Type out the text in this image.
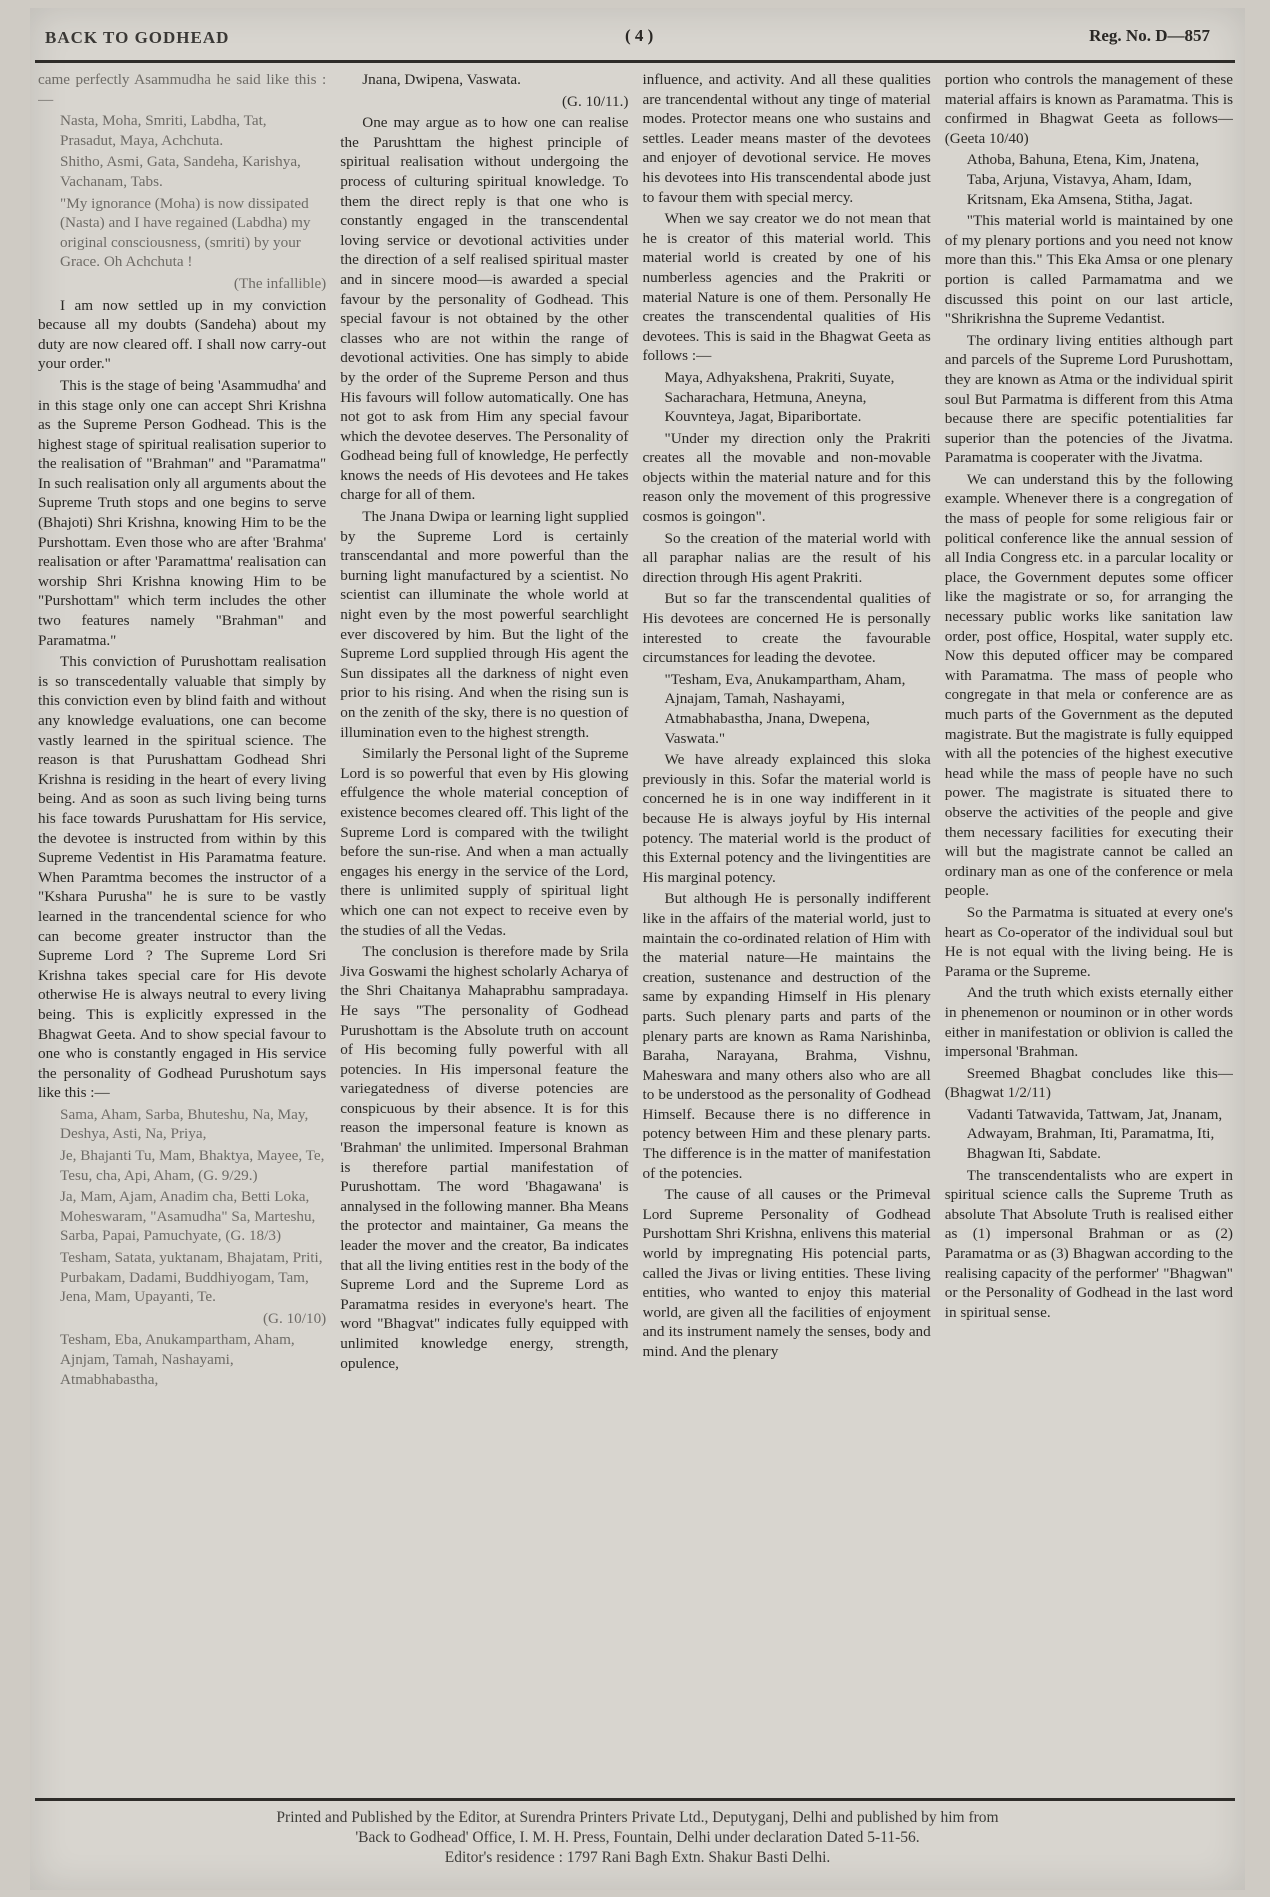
BACK TO GODHEAD	( 4 )	Reg. No. D—857

came perfectly Asammudha he said like this :—

Nasta, Moha, Smriti, Labdha, Tat, Prasadut, Maya, Achchuta.

Shitho, Asmi, Gata, Sandeha, Karishya, Vachanam, Tabs.

"My ignorance (Moha) is now dissipated (Nasta) and I have regained (Labdha) my original consciousness, (smriti) by your Grace. Oh Achchuta !

(The infallible)

I am now settled up in my conviction because all my doubts (Sandeha) about my duty are now cleared off. I shall now carry-out your order."

This is the stage of being 'Asammudha' and in this stage only one can accept Shri Krishna as the Supreme Person Godhead. This is the highest stage of spiritual realisation superior to the realisation of "Brahman" and "Paramatma" In such realisation only all arguments about the Supreme Truth stops and one begins to serve (Bhajoti) Shri Krishna, knowing Him to be the Purshottam. Even those who are after 'Brahma' realisation or after 'Paramattma' realisation can worship Shri Krishna knowing Him to be "Purshottam" which term includes the other two features namely "Brahman" and Paramatma."

This conviction of Purushottam realisation is so transcedentally valuable that simply by this conviction even by blind faith and without any knowledge evaluations, one can become vastly learned in the spiritual science. The reason is that Purushattam Godhead Shri Krishna is residing in the heart of every living being. And as soon as such living being turns his face towards Purushattam for His service, the devotee is instructed from within by this Supreme Vedentist in His Paramatma feature. When Paramtma becomes the instructor of a "Kshara Purusha" he is sure to be vastly learned in the trancendental science for who can become greater instructor than the Supreme Lord ? The Supreme Lord Sri Krishna takes special care for His devote otherwise He is always neutral to every living being. This is explicitly expressed in the Bhagwat Geeta. And to show special favour to one who is constantly engaged in His service the personality of Godhead Purushotum says like this :—

Sama, Aham, Sarba, Bhuteshu, Na, May, Deshya, Asti, Na, Priya,

Je, Bhajanti Tu, Mam, Bhaktya, Mayee, Te, Tesu, cha, Api, Aham, (G. 9/29.)

Ja, Mam, Ajam, Anadim cha, Betti Loka, Moheswaram, "Asamudha" Sa, Marteshu, Sarba, Papai, Pamuchyate, (G. 18/3)

Tesham, Satata, yuktanam, Bhajatam, Priti, Purbakam, Dadami, Buddhiyogam, Tam, Jena, Mam, Upayanti, Te.

(G. 10/10)

Tesham, Eba, Anukampartham, Aham, Ajnjam, Tamah, Nashayami, Atmabhabastha,

Jnana, Dwipena, Vaswata.

(G. 10/11.)

One may argue as to how one can realise the Parushttam the highest principle of spiritual realisation without undergoing the process of culturing spiritual knowledge. To them the direct reply is that one who is constantly engaged in the transcendental loving service or devotional activities under the direction of a self realised spiritual master and in sincere mood—is awarded a special favour by the personality of Godhead. This special favour is not obtained by the other classes who are not within the range of devotional activities. One has simply to abide by the order of the Supreme Person and thus His favours will follow automatically. One has not got to ask from Him any special favour which the devotee deserves. The Personality of Godhead being full of knowledge, He perfectly knows the needs of His devotees and He takes charge for all of them.

The Jnana Dwipa or learning light supplied by the Supreme Lord is certainly transcendantal and more powerful than the burning light manufactured by a scientist. No scientist can illuminate the whole world at night even by the most powerful searchlight ever discovered by him. But the light of the Supreme Lord supplied through His agent the Sun dissipates all the darkness of night even prior to his rising. And when the rising sun is on the zenith of the sky, there is no question of illumination even to the highest strength.

Similarly the Personal light of the Supreme Lord is so powerful that even by His glowing effulgence the whole material conception of existence becomes cleared off. This light of the Supreme Lord is compared with the twilight before the sun-rise. And when a man actually engages his energy in the service of the Lord, there is unlimited supply of spiritual light which one can not expect to receive even by the studies of all the Vedas.

The conclusion is therefore made by Srila Jiva Goswami the highest scholarly Acharya of the Shri Chaitanya Mahaprabhu sampradaya. He says "The personality of Godhead Purushottam is the Absolute truth on account of His becoming fully powerful with all potencies. In His impersonal feature the variegatedness of diverse potencies are conspicuous by their absence. It is for this reason the impersonal feature is known as 'Brahman' the unlimited. Impersonal Brahman is therefore partial manifestation of Purushottam. The word 'Bhagawana' is annalysed in the following manner. Bha Means the protector and maintainer, Ga means the leader the mover and the creator, Ba indicates that all the living entities rest in the body of the Supreme Lord and the Supreme Lord as Paramatma resides in everyone's heart. The word "Bhagvat" indicates fully equipped with unlimited knowledge energy, strength, opulence,

influence, and activity. And all these qualities are trancendental without any tinge of material modes. Protector means one who sustains and settles. Leader means master of the devotees and enjoyer of devotional service. He moves his devotees into His transcendental abode just to favour them with special mercy.

When we say creator we do not mean that he is creator of this material world. This material world is created by one of his numberless agencies and the Prakriti or material Nature is one of them. Personally He creates the transcendental qualities of His devotees. This is said in the Bhagwat Geeta as follows :—

Maya, Adhyakshena, Prakriti, Suyate, Sacharachara, Hetmuna, Aneyna, Kouvnteya, Jagat, Biparibortate.

"Under my direction only the Prakriti creates all the movable and non-movable objects within the material nature and for this reason only the movement of this progressive cosmos is goingon".

So the creation of the material world with all paraphar nalias are the result of his direction through His agent Prakriti.

But so far the transcendental qualities of His devotees are concerned He is personally interested to create the favourable circumstances for leading the devotee.

"Tesham, Eva, Anukampartham, Aham, Ajnajam, Tamah, Nashayami, Atmabhabastha, Jnana, Dwepena, Vaswata."

We have already explainced this sloka previously in this. Sofar the material world is concerned he is in one way indifferent in it because He is always joyful by His internal potency. The material world is the product of this External potency and the livingentities are His marginal potency.

But although He is personally indifferent like in the affairs of the material world, just to maintain the co-ordinated relation of Him with the material nature—He maintains the creation, sustenance and destruction of the same by expanding Himself in His plenary parts. Such plenary parts and parts of the plenary parts are known as Rama Narishinba, Baraha, Narayana, Brahma, Vishnu, Maheswara and many others also who are all to be understood as the personality of Godhead Himself. Because there is no difference in potency between Him and these plenary parts. The difference is in the matter of manifestation of the potencies.

The cause of all causes or the Primeval Lord Supreme Personality of Godhead Purshottam Shri Krishna, enlivens this material world by impregnating His potencial parts, called the Jivas or living entities. These living entities, who wanted to enjoy this material world, are given all the facilities of enjoyment and its instrument namely the senses, body and mind. And the plenary

portion who controls the management of these material affairs is known as Paramatma. This is confirmed in Bhagwat Geeta as follows—(Geeta 10/40)

Athoba, Bahuna, Etena, Kim, Jnatena, Taba, Arjuna, Vistavya, Aham, Idam, Kritsnam, Eka Amsena, Stitha, Jagat.

"This material world is maintained by one of my plenary portions and you need not know more than this." This Eka Amsa or one plenary portion is called Parmamatma and we discussed this point on our last article, "Shrikrishna the Supreme Vedantist.

The ordinary living entities although part and parcels of the Supreme Lord Purushottam, they are known as Atma or the individual spirit soul But Parmatma is different from this Atma because there are specific potentialities far superior than the potencies of the Jivatma. Paramatma is cooperater with the Jivatma.

We can understand this by the following example. Whenever there is a congregation of the mass of people for some religious fair or political conference like the annual session of all India Congress etc. in a parcular locality or place, the Government deputes some officer like the magistrate or so, for arranging the necessary public works like sanitation law order, post office, Hospital, water supply etc. Now this deputed officer may be compared with Paramatma. The mass of people who congregate in that mela or conference are as much parts of the Government as the deputed magistrate. But the magistrate is fully equipped with all the potencies of the highest executive head while the mass of people have no such power. The magistrate is situated there to observe the activities of the people and give them necessary facilities for executing their will but the magistrate cannot be called an ordinary man as one of the conference or mela people.

So the Parmatma is situated at every one's heart as Co-operator of the individual soul but He is not equal with the living being. He is Parama or the Supreme.

And the truth which exists eternally either in phenemenon or nouminon or in other words either in manifestation or oblivion is called the impersonal 'Brahman.

Sreemed Bhagbat concludes like this—(Bhagwat 1/2/11)

Vadanti Tatwavida, Tattwam, Jat, Jnanam, Adwayam, Brahman, Iti, Paramatma, Iti, Bhagwan Iti, Sabdate.

The transcendentalists who are expert in spiritual science calls the Supreme Truth as absolute That Absolute Truth is realised either as (1) impersonal Brahman or as (2) Paramatma or as (3) Bhagwan according to the realising capacity of the performer' "Bhagwan" or the Personality of Godhead in the last word in spiritual sense.

Printed and Published by the Editor, at Surendra Printers Private Ltd., Deputyganj, Delhi and published by him from
'Back to Godhead' Office, I. M. H. Press, Fountain, Delhi under declaration Dated 5-11-56.
Editor's residence : 1797 Rani Bagh Extn. Shakur Basti Delhi.
